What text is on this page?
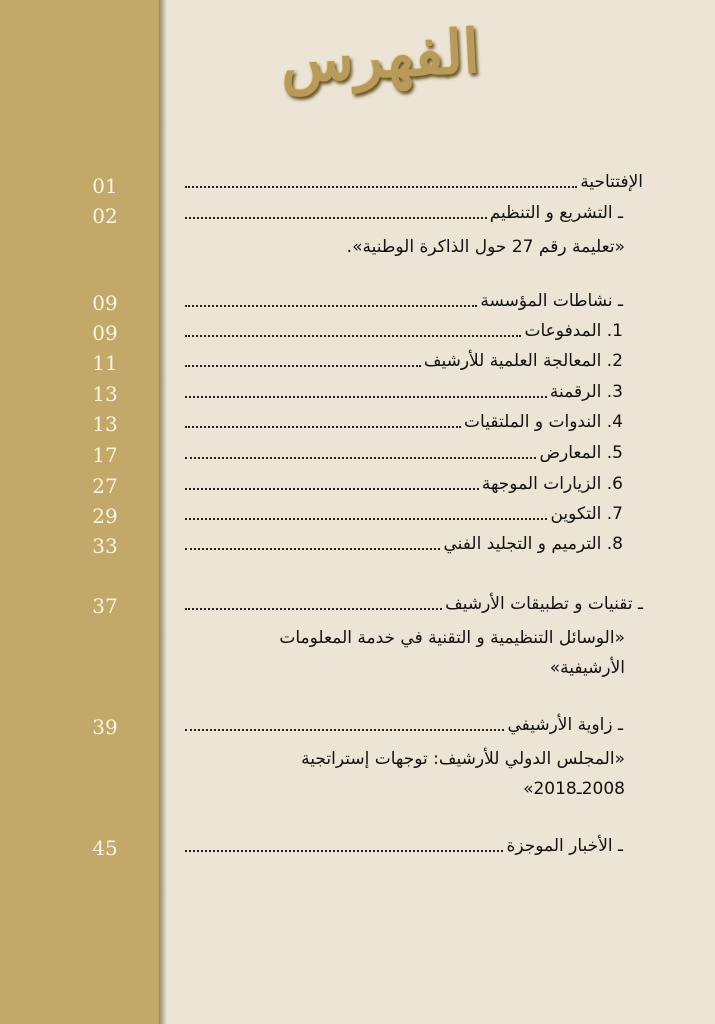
الفهرس
01
02
09
09
11
13
13
17
27
29
33
37
39
45
الإفتتاحية
ـ التشريع و التنظيم
«تعليمة رقم 27 حول الذاكرة الوطنية».
ـ نشاطات المؤسسة
1. المدفوعات
2. المعالجة العلمية للأرشيف
3. الرقمنة
4. الندوات و الملتقيات
5. المعارض
6. الزيارات الموجهة
7. التكوين
8. الترميم و التجليد الفني
ـ تقنيات و تطبيقات الأرشيف
«الوسائل التنظيمية و التقنية في خدمة المعلومات
الأرشيفية»
ـ زاوية الأرشيفي
«المجلس الدولي للأرشيف: توجهات إستراتجية
2008ـ2018»
ـ الأخبار الموجزة
